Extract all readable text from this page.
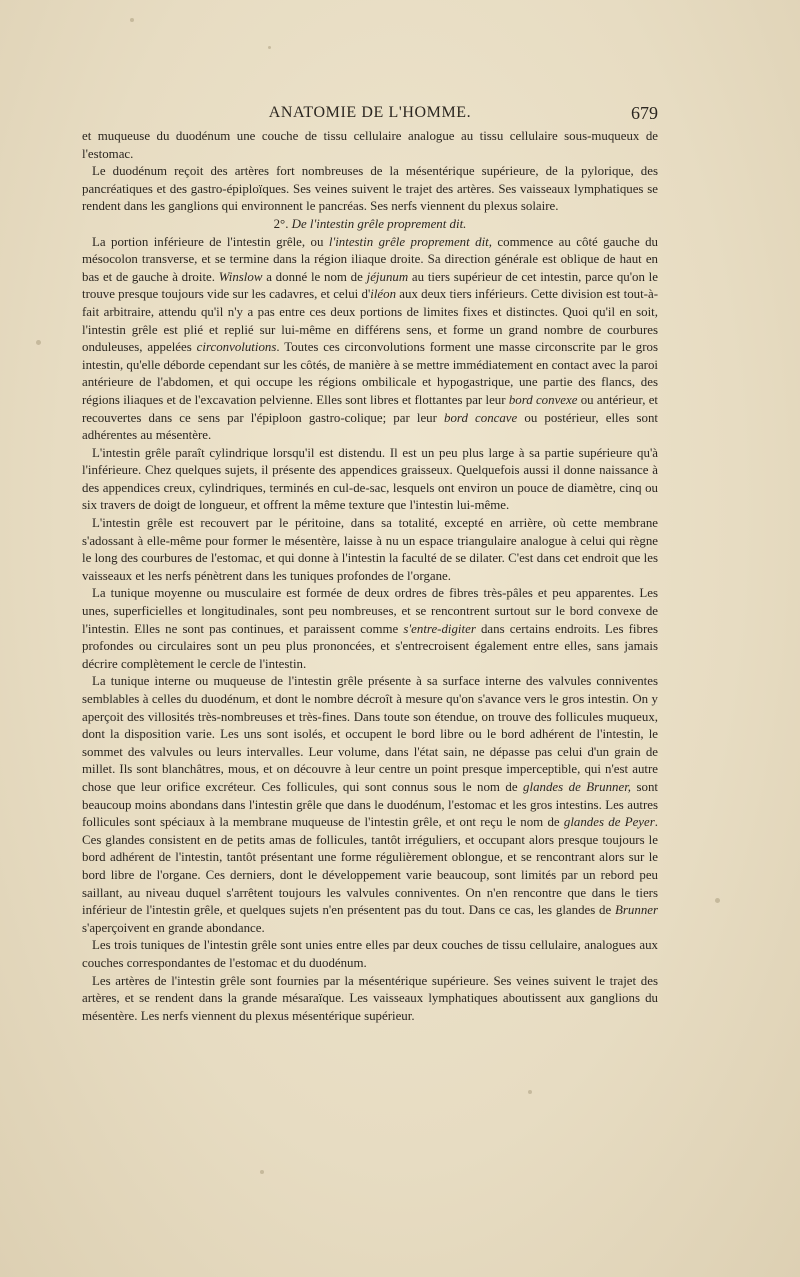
ANATOMIE DE L'HOMME.	679

et muqueuse du duodénum une couche de tissu cellulaire analogue au tissu cellulaire sous-muqueux de l'estomac.

Le duodénum reçoit des artères fort nombreuses de la mésentérique supérieure, de la pylorique, des pancréatiques et des gastro-épiploïques. Ses veines suivent le trajet des artères. Ses vaisseaux lymphatiques se rendent dans les ganglions qui environnent le pancréas. Ses nerfs viennent du plexus solaire.

2°. De l'intestin grêle proprement dit.

La portion inférieure de l'intestin grêle, ou l'intestin grêle proprement dit, commence au côté gauche du mésocolon transverse, et se termine dans la région iliaque droite. Sa direction générale est oblique de haut en bas et de gauche à droite. Winslow a donné le nom de jéjunum au tiers supérieur de cet intestin, parce qu'on le trouve presque toujours vide sur les cadavres, et celui d'iléon aux deux tiers inférieurs. Cette division est tout-à-fait arbitraire, attendu qu'il n'y a pas entre ces deux portions de limites fixes et distinctes. Quoi qu'il en soit, l'intestin grêle est plié et replié sur lui-même en différens sens, et forme un grand nombre de courbures onduleuses, appelées circonvolutions. Toutes ces circonvolutions forment une masse circonscrite par le gros intestin, qu'elle déborde cependant sur les côtés, de manière à se mettre immédiatement en contact avec la paroi antérieure de l'abdomen, et qui occupe les régions ombilicale et hypogastrique, une partie des flancs, des régions iliaques et de l'excavation pelvienne. Elles sont libres et flottantes par leur bord convexe ou antérieur, et recouvertes dans ce sens par l'épiploon gastro-colique; par leur bord concave ou postérieur, elles sont adhérentes au mésentère.

L'intestin grêle paraît cylindrique lorsqu'il est distendu. Il est un peu plus large à sa partie supérieure qu'à l'inférieure. Chez quelques sujets, il présente des appendices graisseux. Quelquefois aussi il donne naissance à des appendices creux, cylindriques, terminés en cul-de-sac, lesquels ont environ un pouce de diamètre, cinq ou six travers de doigt de longueur, et offrent la même texture que l'intestin lui-même.

L'intestin grêle est recouvert par le péritoine, dans sa totalité, excepté en arrière, où cette membrane s'adossant à elle-même pour former le mésentère, laisse à nu un espace triangulaire analogue à celui qui règne le long des courbures de l'estomac, et qui donne à l'intestin la faculté de se dilater. C'est dans cet endroit que les vaisseaux et les nerfs pénètrent dans les tuniques profondes de l'organe.

La tunique moyenne ou musculaire est formée de deux ordres de fibres très-pâles et peu apparentes. Les unes, superficielles et longitudinales, sont peu nombreuses, et se rencontrent surtout sur le bord convexe de l'intestin. Elles ne sont pas continues, et paraissent comme s'entre-digiter dans certains endroits. Les fibres profondes ou circulaires sont un peu plus prononcées, et s'entrecroisent également entre elles, sans jamais décrire complètement le cercle de l'intestin.

La tunique interne ou muqueuse de l'intestin grêle présente à sa surface interne des valvules conniventes semblables à celles du duodénum, et dont le nombre décroît à mesure qu'on s'avance vers le gros intestin. On y aperçoit des villosités très-nombreuses et très-fines. Dans toute son étendue, on trouve des follicules muqueux, dont la disposition varie. Les uns sont isolés, et occupent le bord libre ou le bord adhérent de l'intestin, le sommet des valvules ou leurs intervalles. Leur volume, dans l'état sain, ne dépasse pas celui d'un grain de millet. Ils sont blanchâtres, mous, et on découvre à leur centre un point presque imperceptible, qui n'est autre chose que leur orifice excréteur. Ces follicules, qui sont connus sous le nom de glandes de Brunner, sont beaucoup moins abondans dans l'intestin grêle que dans le duodénum, l'estomac et les gros intestins. Les autres follicules sont spéciaux à la membrane muqueuse de l'intestin grêle, et ont reçu le nom de glandes de Peyer. Ces glandes consistent en de petits amas de follicules, tantôt irréguliers, et occupant alors presque toujours le bord adhérent de l'intestin, tantôt présentant une forme régulièrement oblongue, et se rencontrant alors sur le bord libre de l'organe. Ces derniers, dont le développement varie beaucoup, sont limités par un rebord peu saillant, au niveau duquel s'arrêtent toujours les valvules conniventes. On n'en rencontre que dans le tiers inférieur de l'intestin grêle, et quelques sujets n'en présentent pas du tout. Dans ce cas, les glandes de Brunner s'aperçoivent en grande abondance.

Les trois tuniques de l'intestin grêle sont unies entre elles par deux couches de tissu cellulaire, analogues aux couches correspondantes de l'estomac et du duodénum.

Les artères de l'intestin grêle sont fournies par la mésentérique supérieure. Ses veines suivent le trajet des artères, et se rendent dans la grande mésaraïque. Les vaisseaux lymphatiques aboutissent aux ganglions du mésentère. Les nerfs viennent du plexus mésentérique supérieur.
